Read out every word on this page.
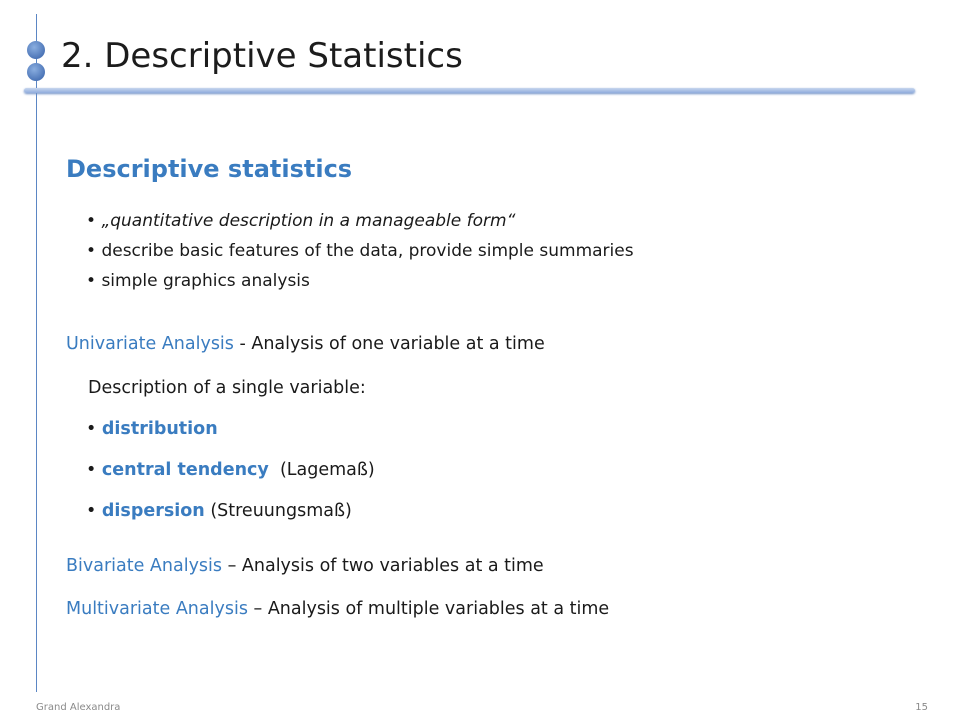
2. Descriptive Statistics
Descriptive statistics
• „quantitative description in a manageable form“
• describe basic features of the data, provide simple summaries
• simple graphics analysis
Univariate Analysis - Analysis of one variable at a time
Description of a single variable:
• distribution
• central tendency  (Lagemaß)
• dispersion (Streuungsmaß)
Bivariate Analysis – Analysis of two variables at a time
Multivariate Analysis – Analysis of multiple variables at a time
Grand Alexandra	15
